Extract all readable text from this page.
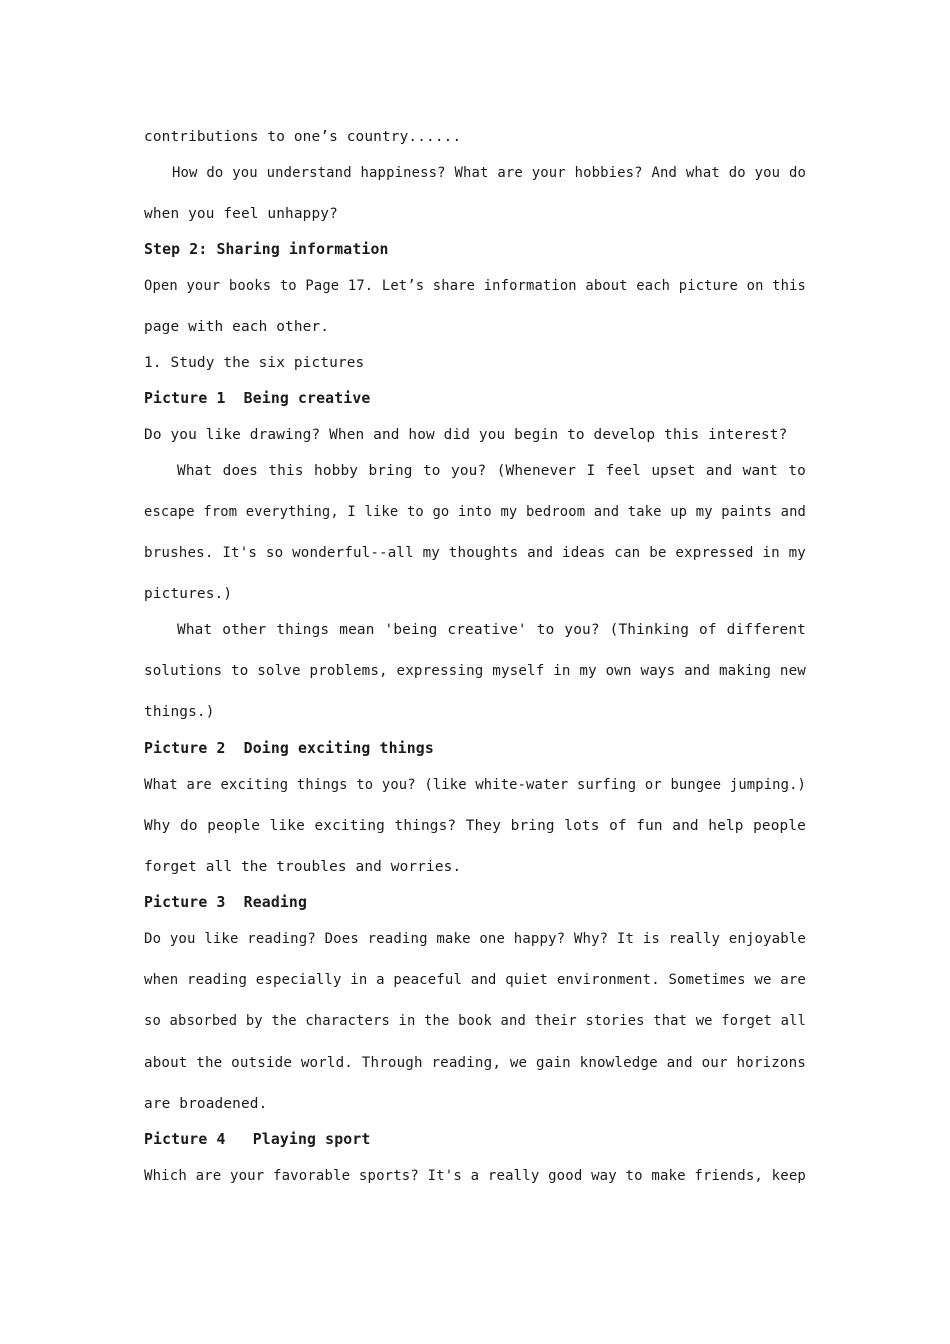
contributions to one’s country......
How do you understand happiness? What are your hobbies? And what do you do
when you feel unhappy?
Step 2: Sharing information
Open your books to Page 17. Let’s share information about each picture on this
page with each other.
1. Study the six pictures
Picture 1  Being creative
Do you like drawing? When and how did you begin to develop this interest?
What does this hobby bring to you? (Whenever I feel upset and want to
escape from everything, I like to go into my bedroom and take up my paints and
brushes. It's so wonderful--all my thoughts and ideas can be expressed in my
pictures.)
What other things mean 'being creative' to you? (Thinking of different
solutions to solve problems, expressing myself in my own ways and making new
things.)
Picture 2  Doing exciting things
What are exciting things to you? (like white-water surfing or bungee jumping.)
Why do people like exciting things? They bring lots of fun and help people
forget all the troubles and worries.
Picture 3  Reading
Do you like reading? Does reading make one happy? Why? It is really enjoyable
when reading especially in a peaceful and quiet environment. Sometimes we are
so absorbed by the characters in the book and their stories that we forget all
about the outside world. Through reading, we gain knowledge and our horizons
are broadened.
Picture 4   Playing sport
Which are your favorable sports? It's a really good way to make friends, keep
